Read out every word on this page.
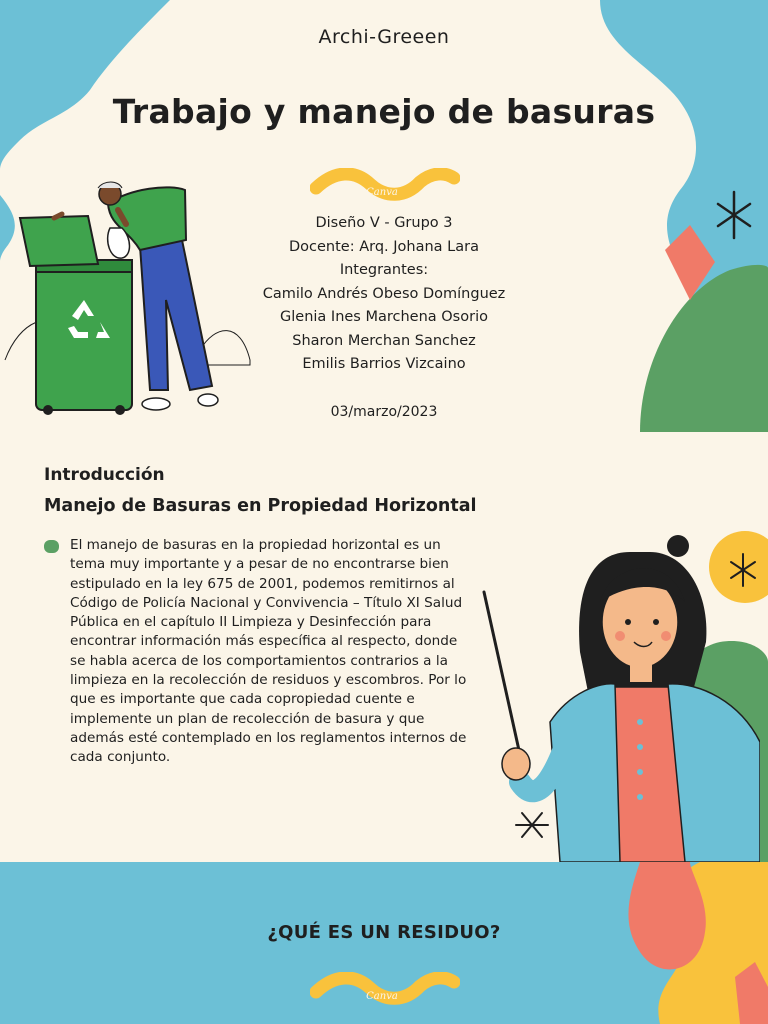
Archi-Greeen
Trabajo y manejo de basuras
Canva
Diseño V - Grupo 3
Docente: Arq. Johana Lara
Integrantes:
Camilo Andrés Obeso Domínguez
Glenia Ines Marchena Osorio
Sharon Merchan Sanchez
Emilis Barrios Vizcaino
03/marzo/2023
Introducción
Manejo de Basuras en Propiedad Horizontal
El manejo de basuras en la propiedad horizontal es un tema muy importante y a pesar de no encontrarse bien estipulado en la ley 675 de 2001, podemos remitirnos al Código de Policía Nacional y Convivencia – Título XI Salud Pública en el capítulo II Limpieza y Desinfección para encontrar información más específica al respecto, donde se habla acerca de los comportamientos contrarios a la limpieza en la recolección de residuos y escombros. Por lo que es importante que cada copropiedad cuente e implemente un plan de recolección de basura y que además esté contemplado en los reglamentos internos de cada conjunto.
¿QUÉ ES UN RESIDUO?
Canva
